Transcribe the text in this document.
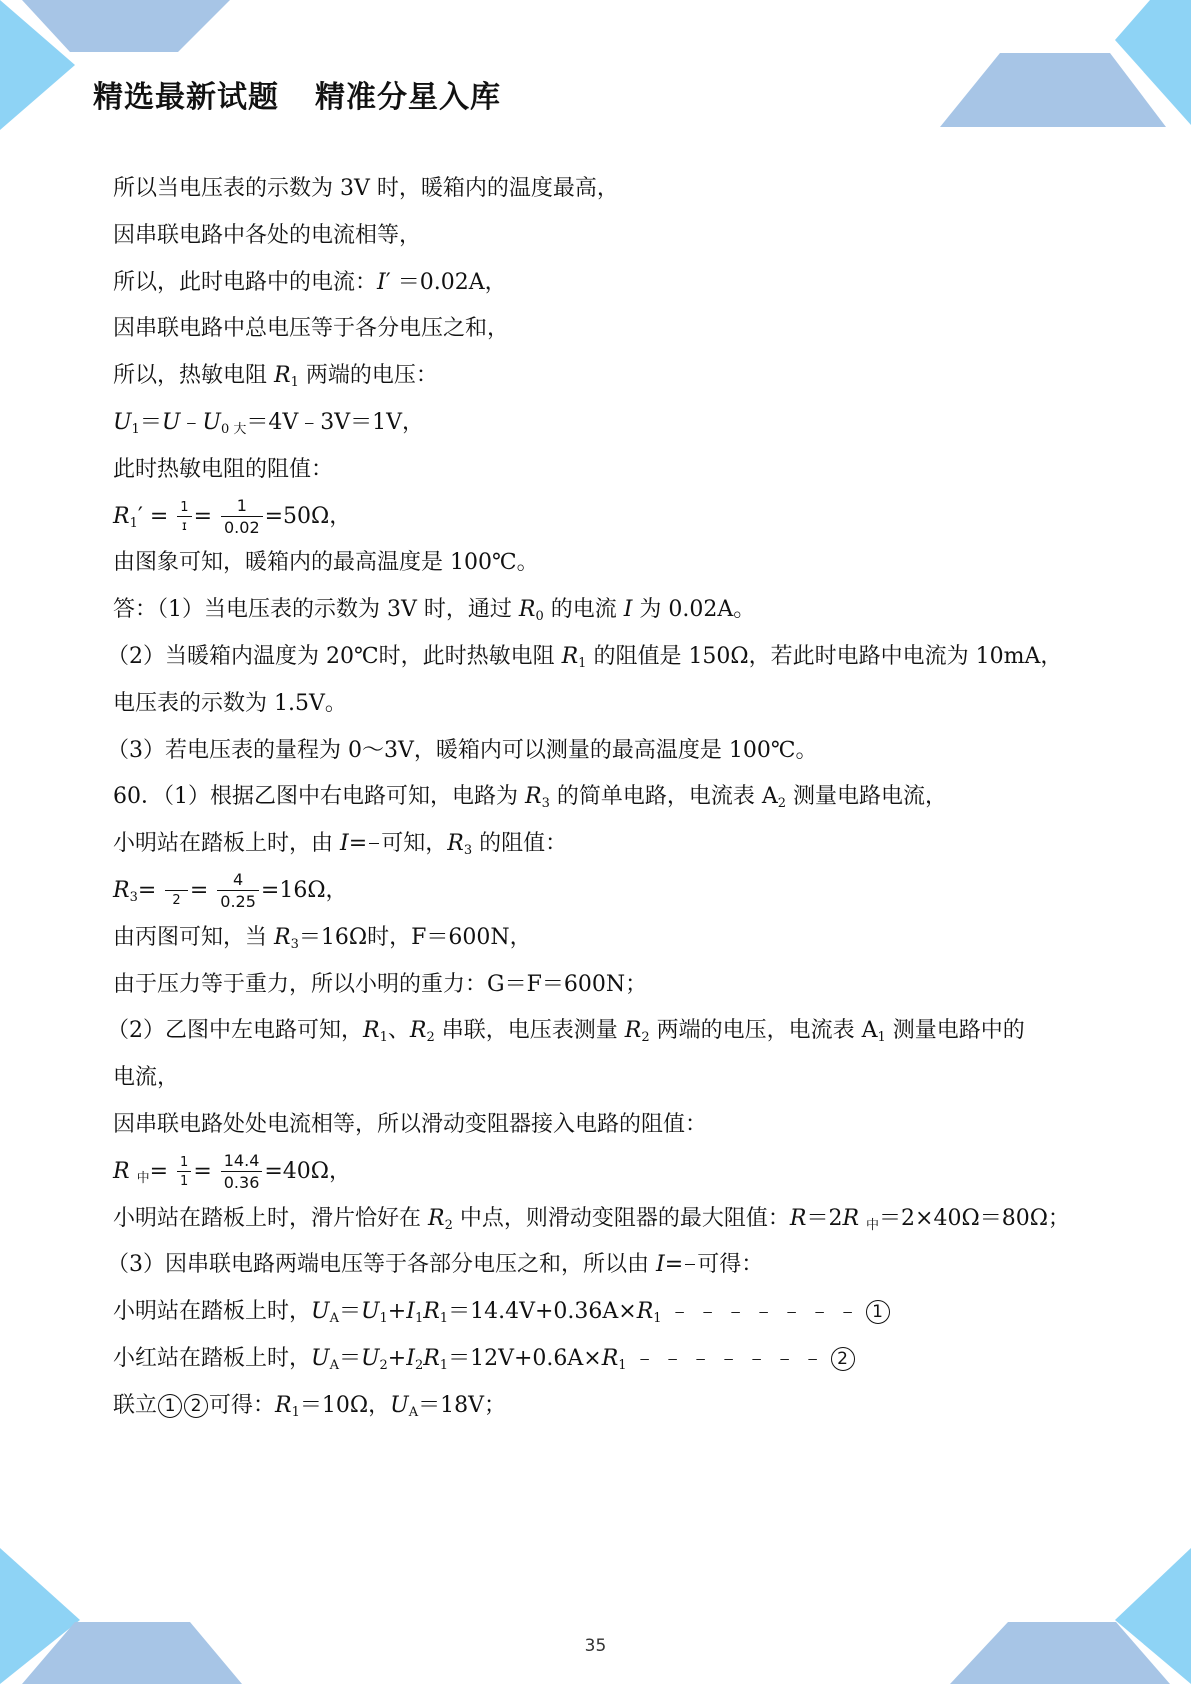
精选最新试题 精准分星入库
所以当电压表的示数为 3V 时，暖箱内的温度最高，
因串联电路中各处的电流相等，
所以，此时电路中的电流：I′ ＝0.02A，
因串联电路中总电压等于各分电压之和，
所以，热敏电阻 $R_1$ 两端的电压：
$U_1=U﹣U_{0 大}=4V﹣3V=1V$，
此时热敏电阻的阻值：
$R_1' = \frac{1}{\text{ɪ}} = \frac{1}{0.02} =50\Omega$，
由图象可知，暖箱内的最高温度是 100℃。
答：（1）当电压表的示数为 3V 时，通过 $R_0$ 的电流 I 为 0.02A。
（2）当暖箱内温度为 20℃时，此时热敏电阻 $R_1$ 的阻值是 150Ω，若此时电路中电流为 10mA，
电压表的示数为 1.5V。
（3）若电压表的量程为 0～3V，暖箱内可以测量的最高温度是 100℃。
60．（1）根据乙图中右电路可知，电路为 $R_3$ 的简单电路，电流表 $A_2$ 测量电路电流，
小明站在踏板上时，由 I=

可知，$R_3$ 的阻值：
$R_3=$
$2 = \frac{4}{0.25} =16\Omega$，
由丙图可知，当 $R_3=16\Omega$时，F＝600N，
由于压力等于重力，所以小明的重力：G＝F＝600N；
（2）乙图中左电路可知，$R_1$、$R_2$ 串联，电压表测量 $R_2$ 两端的电压，电流表 $A_1$ 测量电路中的
电流，
因串联电路处处电流相等，所以滑动变阻器接入电路的阻值：
R $_中= \frac{1}{1} = \frac{14.4}{0.36} =40\Omega$，
小明站在踏板上时，滑片恰好在 $R_2$ 中点，则滑动变阻器的最大阻值：R＝2R $_中$＝2×40Ω＝80Ω；
（3）因串联电路两端电压等于各部分电压之和，所以由 I=

可得：
小明站在踏板上时，$U_A=U_1+I_1R_1=14.4V+0.36A\times R_1$ ﹣﹣﹣﹣﹣﹣﹣ 1
小红站在踏板上时，$U_A=U_2+I_2R_1=12V+0.6A\times R_1$ ﹣﹣﹣﹣﹣﹣﹣ 2
联立 1 2 可得：$R_1=10\Omega$，$U_A=18V$；
35
